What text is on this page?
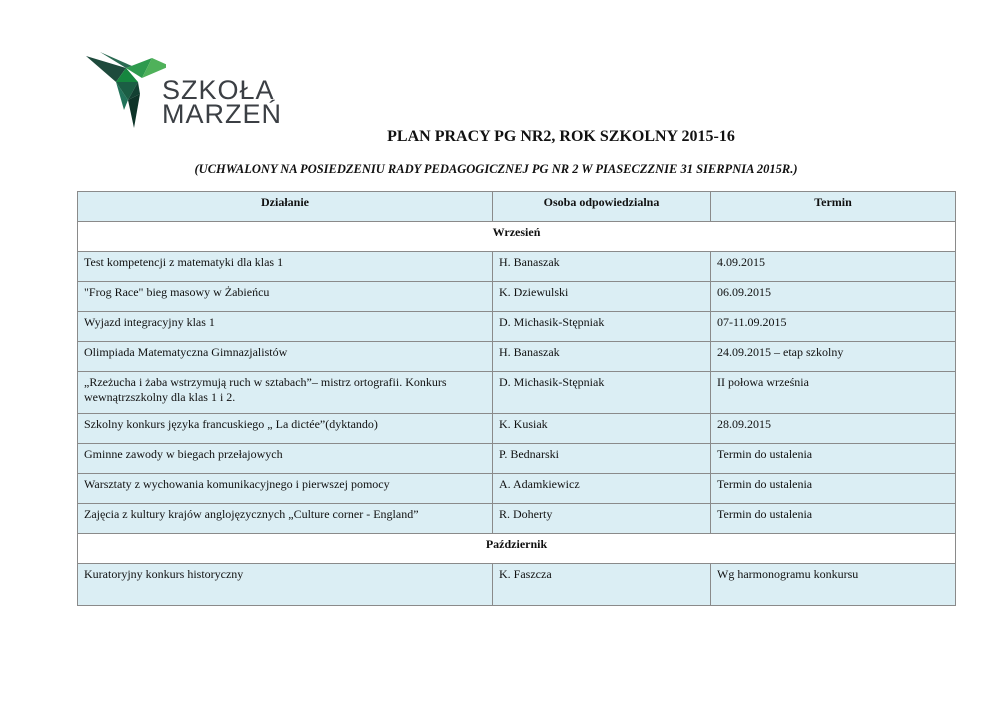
SZKOŁA
MARZEŃ
PLAN PRACY PG NR2, ROK SZKOLNY 2015-16
(UCHWALONY NA POSIEDZENIU RADY PEDAGOGICZNEJ PG NR 2 W PIASECZZNIE 31 SIERPNIA 2015R.)
Działanie	Osoba odpowiedzialna	Termin
Wrzesień		
Test kompetencji z matematyki dla klas 1	H. Banaszak	4.09.2015
"Frog Race" bieg masowy w Żabieńcu	K. Dziewulski	06.09.2015
Wyjazd integracyjny klas 1	D. Michasik-Stępniak	07-11.09.2015
Olimpiada Matematyczna Gimnazjalistów	H. Banaszak	24.09.2015 – etap szkolny
„Rzeżucha i żaba wstrzymują ruch w sztabach”– mistrz ortografii. Konkurs wewnątrzszkolny dla klas 1 i 2.	D. Michasik-Stępniak	II połowa września
Szkolny konkurs języka francuskiego „ La dictée”(dyktando)	K. Kusiak	28.09.2015
Gminne zawody w biegach przełajowych	P. Bednarski	Termin do ustalenia
Warsztaty z wychowania komunikacyjnego i pierwszej pomocy	A. Adamkiewicz	Termin do ustalenia
Zajęcia z kultury krajów anglojęzycznych „Culture corner - England”	R. Doherty	Termin do ustalenia
Październik		
Kuratoryjny konkurs historyczny	K. Faszcza	Wg harmonogramu konkursu
